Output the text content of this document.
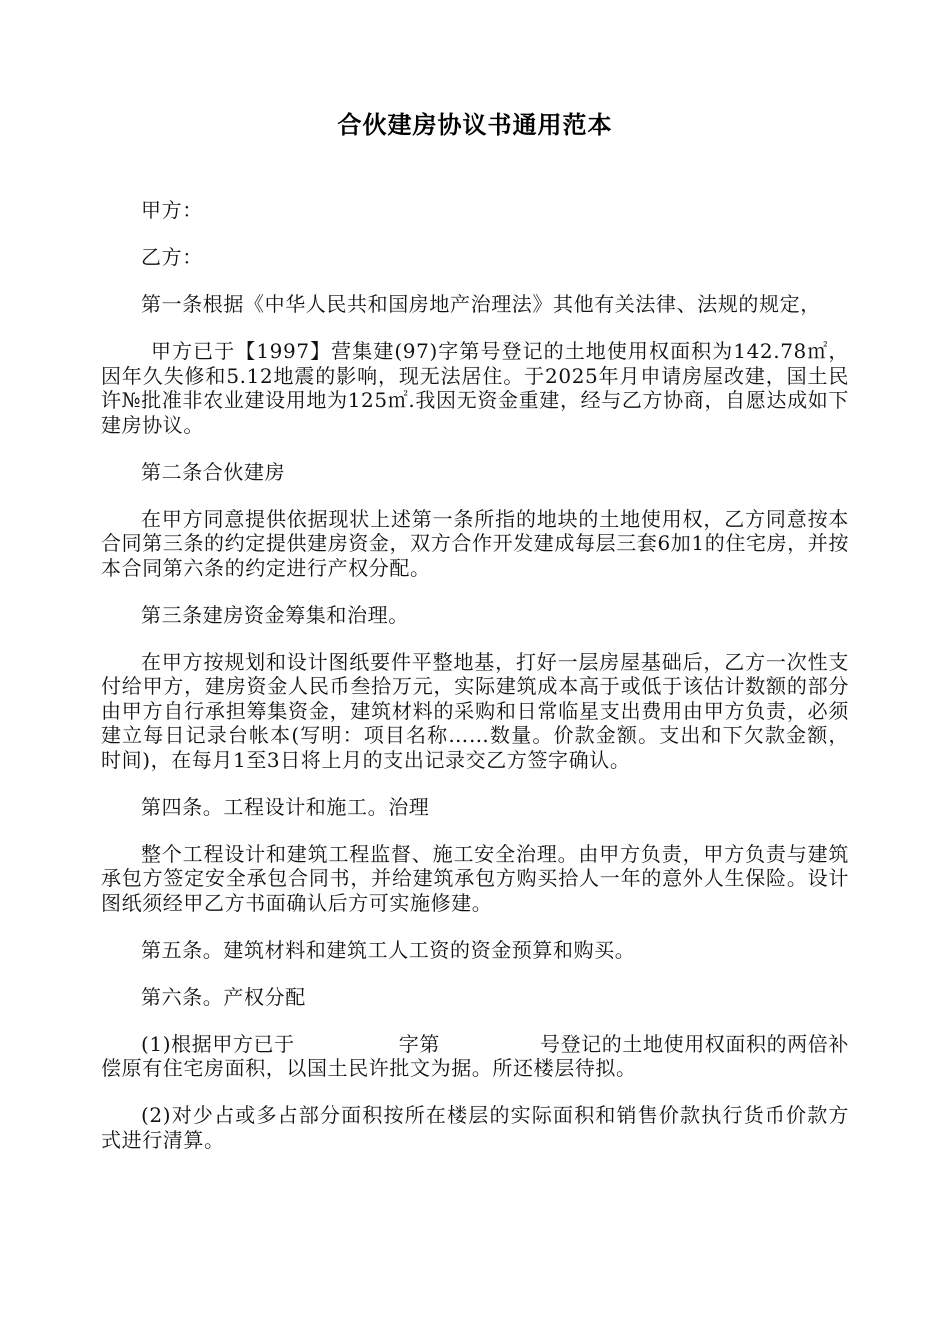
合伙建房协议书通用范本

甲方：

乙方：

第一条根据《中华人民共和国房地产治理法》其他有关法律、法规的规定，

甲方已于【1997】营集建(97)字第号登记的土地使用权面积为142.78㎡，因年久失修和5.12地震的影响，现无法居住。于2025年月申请房屋改建，国土民许№批准非农业建设用地为125㎡.我因无资金重建，经与乙方协商，自愿达成如下建房协议。

第二条合伙建房

在甲方同意提供依据现状上述第一条所指的地块的土地使用权，乙方同意按本合同第三条的约定提供建房资金，双方合作开发建成每层三套6加1的住宅房，并按本合同第六条的约定进行产权分配。

第三条建房资金筹集和治理。

在甲方按规划和设计图纸要件平整地基，打好一层房屋基础后，乙方一次性支付给甲方，建房资金人民币叁拾万元，实际建筑成本高于或低于该估计数额的部分由甲方自行承担筹集资金，建筑材料的采购和日常临星支出费用由甲方负责，必须建立每日记录台帐本(写明：项目名称……数量。价款金额。支出和下欠款金额，时间)，在每月1至3日将上月的支出记录交乙方签字确认。

第四条。工程设计和施工。治理

整个工程设计和建筑工程监督、施工安全治理。由甲方负责，甲方负责与建筑承包方签定安全承包合同书，并给建筑承包方购买拾人一年的意外人生保险。设计图纸须经甲乙方书面确认后方可实施修建。

第五条。建筑材料和建筑工人工资的资金预算和购买。

第六条。产权分配

(1)根据甲方已于	字第	号登记的土地使用权面积的两倍补偿原有住宅房面积，以国土民许批文为据。所还楼层待拟。

(2)对少占或多占部分面积按所在楼层的实际面积和销售价款执行货币价款方式进行清算。
